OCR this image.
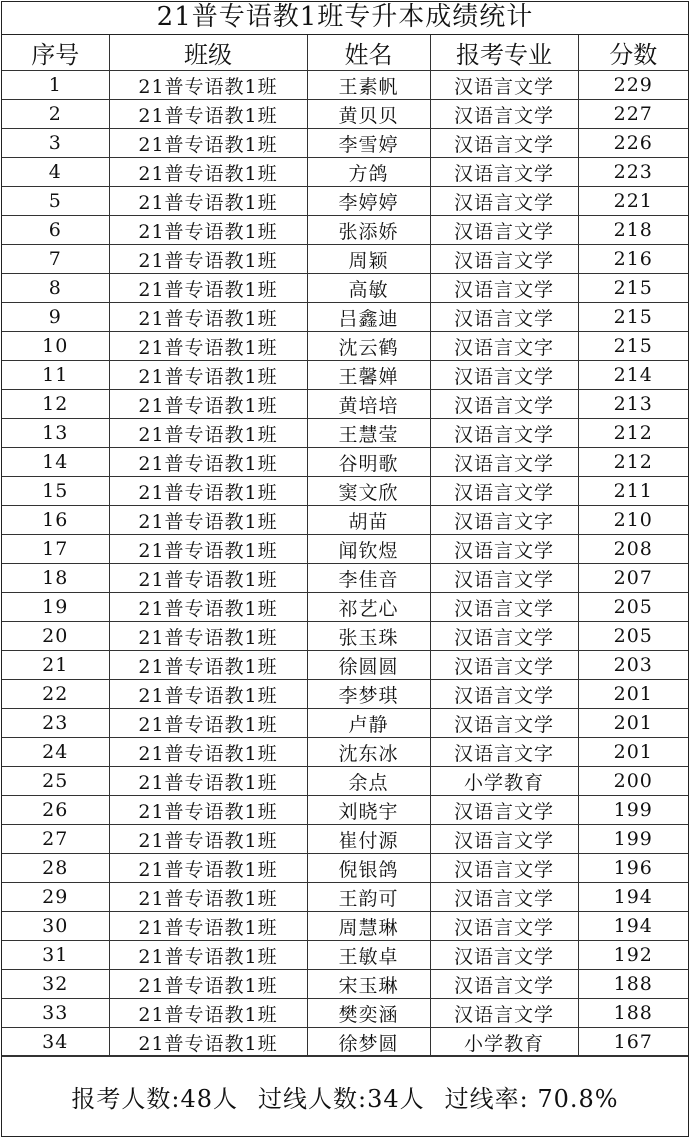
21普专语教1班专升本成绩统计
序号	班级	姓名	报考专业	分数
1	21普专语教1班	王素帆	汉语言文学	229
2	21普专语教1班	黄贝贝	汉语言文学	227
3	21普专语教1班	李雪婷	汉语言文学	226
4	21普专语教1班	方鸽	汉语言文学	223
5	21普专语教1班	李婷婷	汉语言文学	221
6	21普专语教1班	张添娇	汉语言文学	218
7	21普专语教1班	周颖	汉语言文学	216
8	21普专语教1班	高敏	汉语言文学	215
9	21普专语教1班	吕鑫迪	汉语言文学	215
10	21普专语教1班	沈云鹤	汉语言文字	215
11	21普专语教1班	王馨婵	汉语言文学	214
12	21普专语教1班	黄培培	汉语言文学	213
13	21普专语教1班	王慧莹	汉语言文学	212
14	21普专语教1班	谷明歌	汉语言文学	212
15	21普专语教1班	窦文欣	汉语言文学	211
16	21普专语教1班	胡苗	汉语言文字	210
17	21普专语教1班	闻钦煜	汉语言文学	208
18	21普专语教1班	李佳音	汉语言文学	207
19	21普专语教1班	祁艺心	汉语言文学	205
20	21普专语教1班	张玉珠	汉语言文学	205
21	21普专语教1班	徐圆圆	汉语言文学	203
22	21普专语教1班	李梦琪	汉语言文学	201
23	21普专语教1班	卢静	汉语言文学	201
24	21普专语教1班	沈东冰	汉语言文字	201
25	21普专语教1班	余点	小学教育	200
26	21普专语教1班	刘晓宇	汉语言文学	199
27	21普专语教1班	崔付源	汉语言文学	199
28	21普专语教1班	倪银鸽	汉语言文学	196
29	21普专语教1班	王韵可	汉语言文学	194
30	21普专语教1班	周慧琳	汉语言文学	194
31	21普专语教1班	王敏卓	汉语言文学	192
32	21普专语教1班	宋玉琳	汉语言文学	188
33	21普专语教1班	樊奕涵	汉语言文学	188
34	21普专语教1班	徐梦圆	小学教育	167
报考人数:48人 过线人数:34人 过线率: 70.8%
